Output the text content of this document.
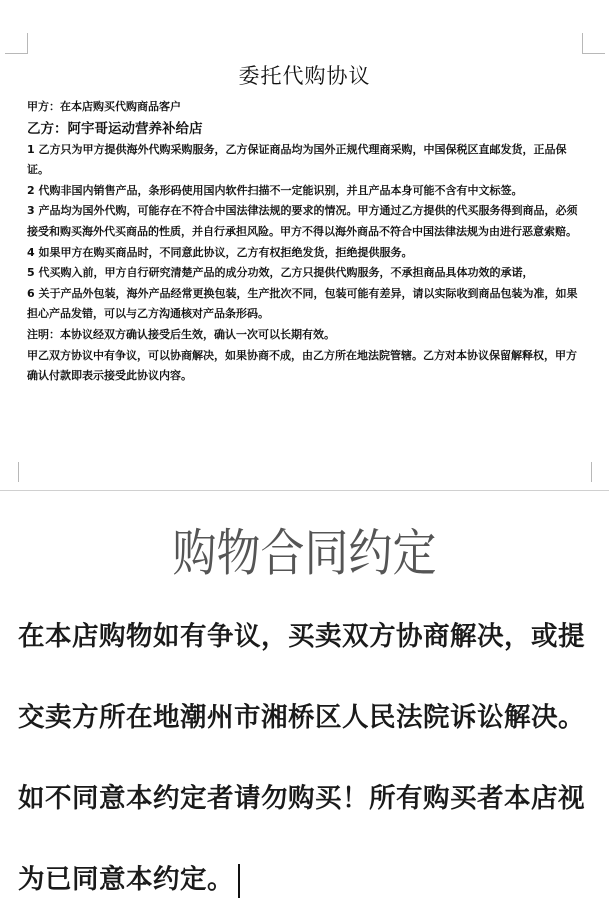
委托代购协议

甲方：在本店购买代购商品客户

乙方：阿宇哥运动营养补给店

1 乙方只为甲方提供海外代购采购服务，乙方保证商品均为国外正规代理商采购，中国保税区直邮发货，正品保证。

2 代购非国内销售产品，条形码使用国内软件扫描不一定能识别，并且产品本身可能不含有中文标签。

3 产品均为国外代购，可能存在不符合中国法律法规的要求的情况。甲方通过乙方提供的代买服务得到商品，必须接受和购买海外代买商品的性质，并自行承担风险。甲方不得以海外商品不符合中国法律法规为由进行恶意索赔。

4 如果甲方在购买商品时，不同意此协议，乙方有权拒绝发货，拒绝提供服务。

5 代买购入前，甲方自行研究清楚产品的成分功效，乙方只提供代购服务，不承担商品具体功效的承诺，

6 关于产品外包装，海外产品经常更换包装，生产批次不同，包装可能有差异，请以实际收到商品包装为准，如果担心产品发错，可以与乙方沟通核对产品条形码。

注明：本协议经双方确认接受后生效，确认一次可以长期有效。

甲乙双方协议中有争议，可以协商解决，如果协商不成，由乙方所在地法院管辖。乙方对本协议保留解释权，甲方确认付款即表示接受此协议内容。

购物合同约定
在本店购物如有争议，买卖双方协商解决，或提交卖方所在地潮州市湘桥区人民法院诉讼解决。如不同意本约定者请勿购买！所有购买者本店视为已同意本约定。
